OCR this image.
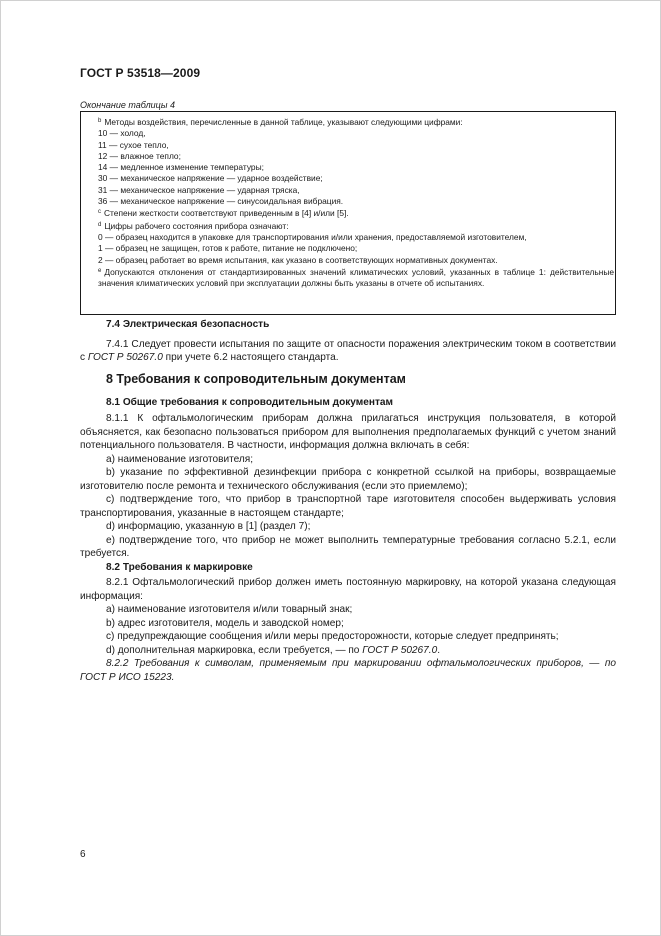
ГОСТ Р 53518—2009
Окончание таблицы 4
$^b$ Методы воздействия, перечисленные в данной таблице, указывают следующими цифрами:
10 — холод,
11 — сухое тепло,
12 — влажное тепло;
14 — медленное изменение температуры;
30 — механическое напряжение — ударное воздействие;
31 — механическое напряжение — ударная тряска,
36 — механическое напряжение — синусоидальная вибрация.
$^c$ Степени жесткости соответствуют приведенным в [4] и/или [5].
$^d$ Цифры рабочего состояния прибора означают:
0 — образец находится в упаковке для транспортирования и/или хранения, предоставляемой изготовителем,
1 — образец не защищен, готов к работе, питание не подключено;
2 — образец работает во время испытания, как указано в соответствующих нормативных документах.
$^e$ Допускаются отклонения от стандартизированных значений климатических условий, указанных в таблице 1: действительные значения климатических условий при эксплуатации должны быть указаны в отчете об испытаниях.
7.4 Электрическая безопасность
7.4.1 Следует провести испытания по защите от опасности поражения электрическим током в соответствии с ГОСТ Р 50267.0 при учете 6.2 настоящего стандарта.
8 Требования к сопроводительным документам
8.1 Общие требования к сопроводительным документам
8.1.1 К офтальмологическим приборам должна прилагаться инструкция пользователя, в которой объясняется, как безопасно пользоваться прибором для выполнения предполагаемых функций с учетом знаний потенциального пользователя. В частности, информация должна включать в себя:
a) наименование изготовителя;
b) указание по эффективной дезинфекции прибора с конкретной ссылкой на приборы, возвращаемые изготовителю после ремонта и технического обслуживания (если это приемлемо);
c) подтверждение того, что прибор в транспортной таре изготовителя способен выдерживать условия транспортирования, указанные в настоящем стандарте;
d) информацию, указанную в [1] (раздел 7);
e) подтверждение того, что прибор не может выполнить температурные требования согласно 5.2.1, если требуется.
8.2 Требования к маркировке
8.2.1 Офтальмологический прибор должен иметь постоянную маркировку, на которой указана следующая информация:
a) наименование изготовителя и/или товарный знак;
b) адрес изготовителя, модель и заводской номер;
c) предупреждающие сообщения и/или меры предосторожности, которые следует предпринять;
d) дополнительная маркировка, если требуется, — по ГОСТ Р 50267.0.
8.2.2 Требования к символам, применяемым при маркировании офтальмологических приборов, — по ГОСТ Р ИСО 15223.
6
